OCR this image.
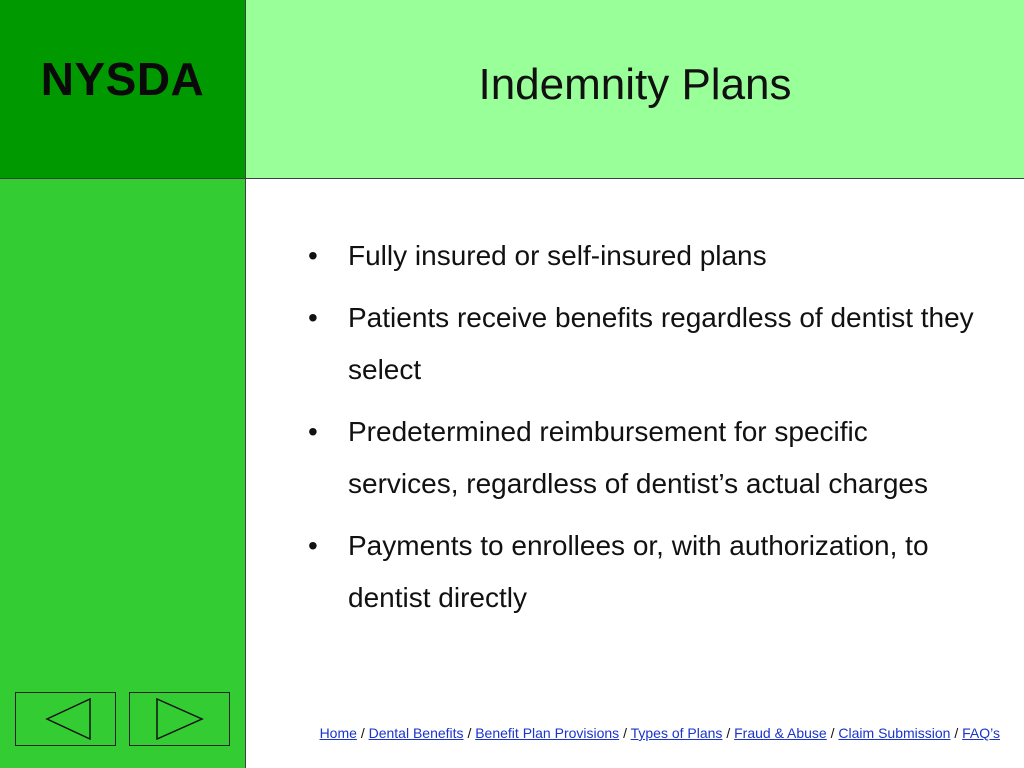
NYSDA	Indemnity Plans
• Fully insured or self-insured plans
• Patients receive benefits regardless of dentist they select
• Predetermined reimbursement for specific services, regardless of dentist’s actual charges
• Payments to enrollees or, with authorization, to dentist directly
Home / Dental Benefits / Benefit Plan Provisions / Types of Plans / Fraud & Abuse / Claim Submission / FAQ’s
